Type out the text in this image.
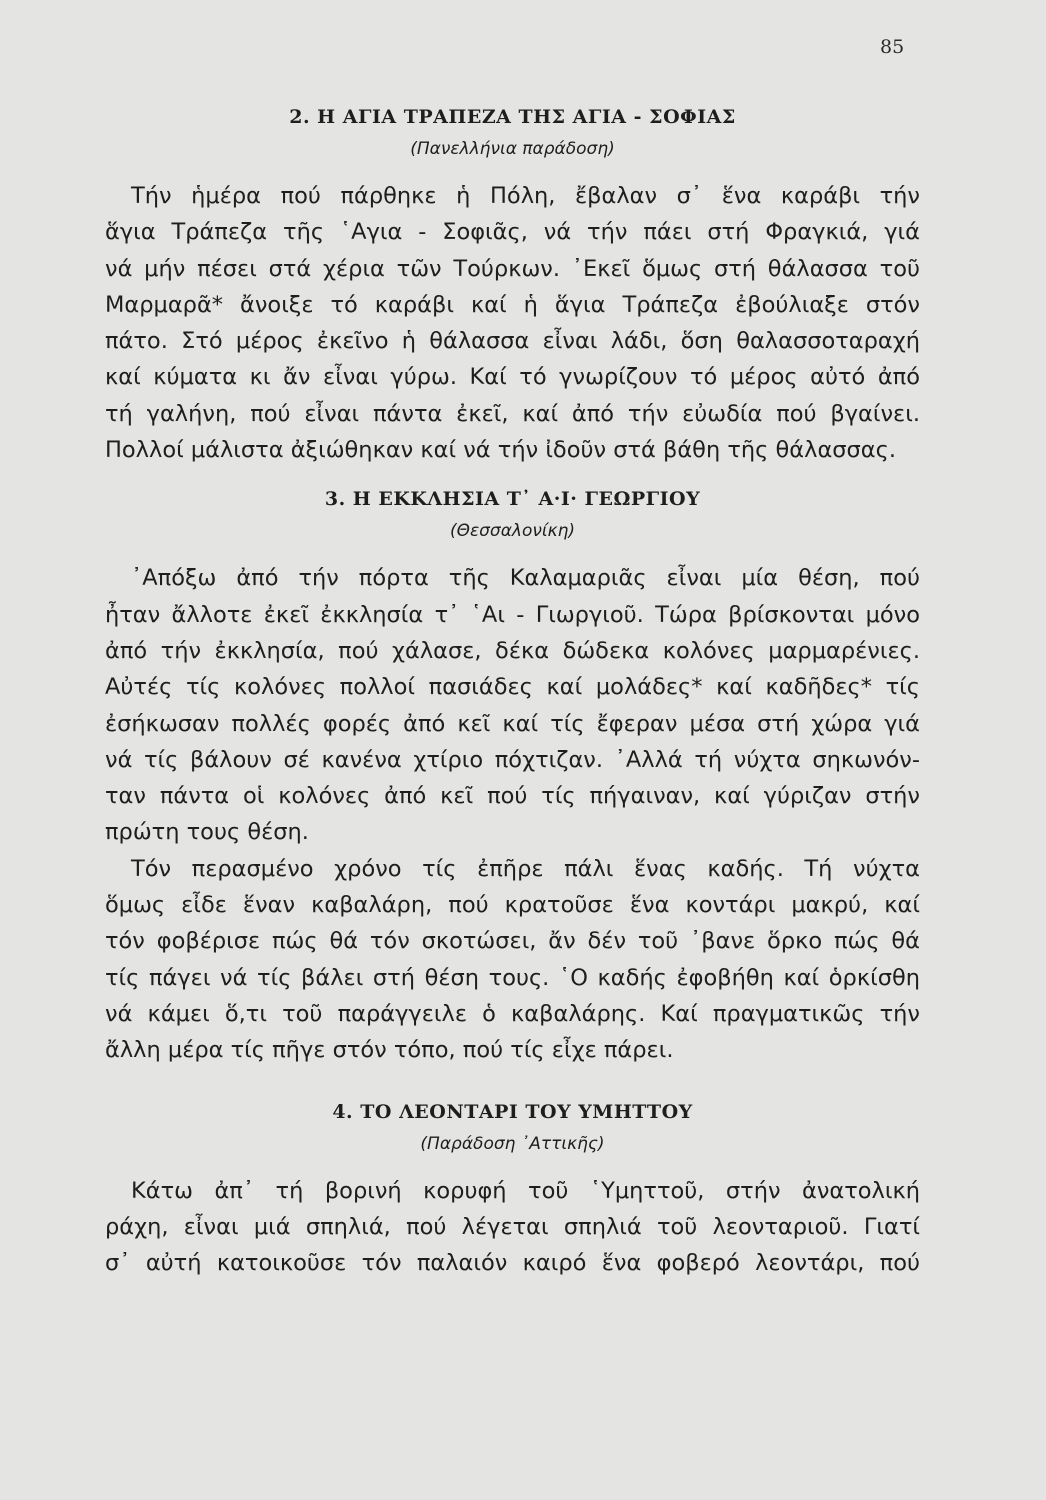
85
2. Η ΑΓΙΑ ΤΡΑΠΕΖΑ ΤΗΣ ΑΓΙΑ - ΣΟΦΙΑΣ
(Πανελλήνια παράδοση)
Τήν ἡμέρα πού πάρθηκε ἡ Πόλη, ἔβαλαν σ᾿ ἕνα καράβι τήν
ἅγια Τράπεζα τῆς ῾Αγια - Σοφιᾶς, νά τήν πάει στή Φραγκιά, γιά
νά μήν πέσει στά χέρια τῶν Τούρκων. ᾿Εκεῖ ὅμως στή θάλασσα τοῦ
Μαρμαρᾶ* ἄνοιξε τό καράβι καί ἡ ἅγια Τράπεζα ἐβούλιαξε στόν
πάτο. Στό μέρος ἐκεῖνο ἡ θάλασσα εἶναι λάδι, ὅση θαλασσοταραχή
καί κύματα κι ἄν εἶναι γύρω. Καί τό γνωρίζουν τό μέρος αὐτό ἀπό
τή γαλήνη, πού εἶναι πάντα ἐκεῖ, καί ἀπό τήν εὐωδία πού βγαίνει.
Πολλοί μάλιστα ἀξιώθηκαν καί νά τήν ἰδοῦν στά βάθη τῆς θάλασσας.
3. Η ΕΚΚΛΗΣΙΑ Τ᾿ Α·Ι· ΓΕΩΡΓΙΟΥ
(Θεσσαλονίκη)
᾿Απόξω ἀπό τήν πόρτα τῆς Καλαμαριᾶς εἶναι μία θέση, πού
ἦταν ἄλλοτε ἐκεῖ ἐκκλησία τ᾿ ῾Αι - Γιωργιοῦ. Τώρα βρίσκονται μόνο
ἀπό τήν ἐκκλησία, πού χάλασε, δέκα δώδεκα κολόνες μαρμαρένιες.
Αὐτές τίς κολόνες πολλοί πασιάδες καί μολάδες* καί καδῆδες* τίς
ἐσήκωσαν πολλές φορές ἀπό κεῖ καί τίς ἔφεραν μέσα στή χώρα γιά
νά τίς βάλουν σέ κανένα χτίριο πόχτιζαν. ᾿Αλλά τή νύχτα σηκωνόν-
ταν πάντα οἱ κολόνες ἀπό κεῖ πού τίς πήγαιναν, καί γύριζαν στήν
πρώτη τους θέση.
Τόν περασμένο χρόνο τίς ἐπῆρε πάλι ἕνας καδής. Τή νύχτα
ὅμως εἶδε ἕναν καβαλάρη, πού κρατοῦσε ἕνα κοντάρι μακρύ, καί
τόν φοβέρισε πώς θά τόν σκοτώσει, ἄν δέν τοῦ ᾿βανε ὅρκο πώς θά
τίς πάγει νά τίς βάλει στή θέση τους. ῾Ο καδής ἐφοβήθη καί ὁρκίσθη
νά κάμει ὅ,τι τοῦ παράγγειλε ὁ καβαλάρης. Καί πραγματικῶς τήν
ἄλλη μέρα τίς πῆγε στόν τόπο, πού τίς εἶχε πάρει.
4. ΤΟ ΛΕΟΝΤΑΡΙ ΤΟΥ ΥΜΗΤΤΟΥ
(Παράδοση ᾿Αττικῆς)
Κάτω ἀπ᾿ τή βορινή κορυφή τοῦ ῾Υμηττοῦ, στήν ἀνατολική
ράχη, εἶναι μιά σπηλιά, πού λέγεται σπηλιά τοῦ λεονταριοῦ. Γιατί
σ᾿ αὐτή κατοικοῦσε τόν παλαιόν καιρό ἕνα φοβερό λεοντάρι, πού
